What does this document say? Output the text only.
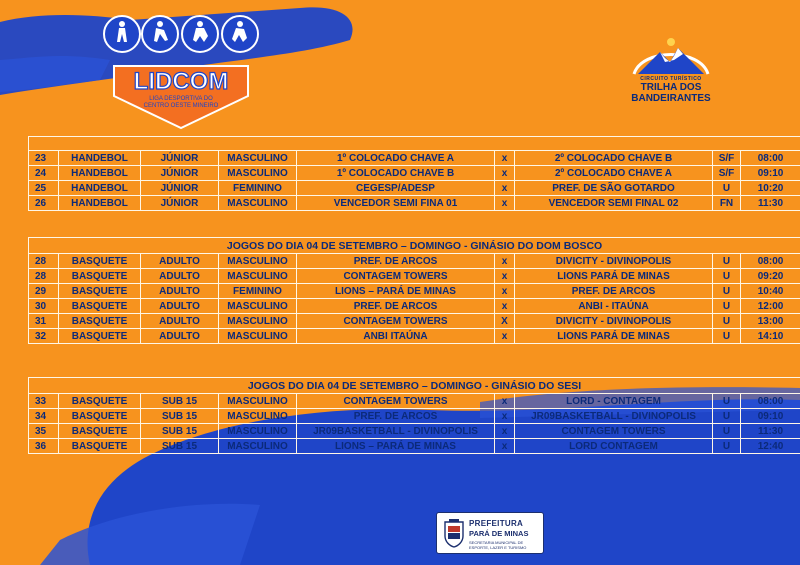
LIDCOM
LIGA DESPORTIVA DO
CENTRO OESTE MINEIRO
CIRCUITO TURÍSTICO
TRILHA DOS
BANDEIRANTES

23	HANDEBOL	JÚNIOR	MASCULINO	1º COLOCADO CHAVE A	x	2º COLOCADO CHAVE B	S/F	08:00
24	HANDEBOL	JÚNIOR	MASCULINO	1º COLOCADO CHAVE B	x	2º COLOCADO CHAVE A	S/F	09:10
25	HANDEBOL	JÚNIOR	FEMININO	CEGESP/ADESP	x	PREF. DE SÃO GOTARDO	U	10:20
26	HANDEBOL	JÚNIOR	MASCULINO	VENCEDOR SEMI FINA 01	x	VENCEDOR SEMI FINAL 02	FN	11:30
JOGOS DO DIA 04 DE SETEMBRO – DOMINGO - GINÁSIO DO DOM BOSCO								
28	BASQUETE	ADULTO	MASCULINO	PREF. DE ARCOS	x	DIVICITY - DIVINOPOLIS	U	08:00
28	BASQUETE	ADULTO	MASCULINO	CONTAGEM TOWERS	x	LIONS PARÁ DE MINAS	U	09:20
29	BASQUETE	ADULTO	FEMININO	LIONS – PARÁ DE MINAS	x	PREF. DE ARCOS	U	10:40
30	BASQUETE	ADULTO	MASCULINO	PREF. DE ARCOS	x	ANBI - ITAÚNA	U	12:00
31	BASQUETE	ADULTO	MASCULINO	CONTAGEM TOWERS	X	DIVICITY - DIVINOPOLIS	U	13:00
32	BASQUETE	ADULTO	MASCULINO	ANBI ITAÚNA	x	LIONS PARÁ DE MINAS	U	14:10
JOGOS DO DIA 04 DE SETEMBRO – DOMINGO - GINÁSIO DO SESI								
33	BASQUETE	SUB 15	MASCULINO	CONTAGEM TOWERS	x	LORD - CONTAGEM	U	08:00
34	BASQUETE	SUB 15	MASCULINO	PREF. DE ARCOS	x	JR09BASKETBALL - DIVINOPOLIS	U	09:10
35	BASQUETE	SUB 15	MASCULINO	JR09BASKETBALL - DIVINOPOLIS	x	CONTAGEM TOWERS	U	11:30
36	BASQUETE	SUB 15	MASCULINO	LIONS – PARÁ DE MINAS	x	LORD CONTAGEM	U	12:40
PREFEITURA
PARÁ DE MINAS
SECRETARIA MUNICIPAL DE ESPORTE, LAZER E TURISMO
